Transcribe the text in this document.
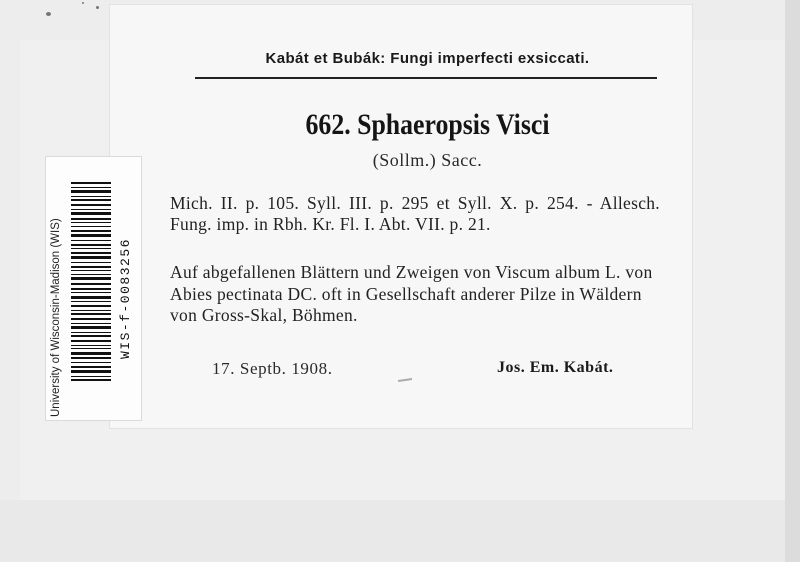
Kabát et Bubák: Fungi imperfecti exsiccati.
662. Sphaeropsis Visci
(Sollm.) Sacc.
Mich. II. p. 105. Syll. III. p. 295 et Syll. X. p. 254. - Allesch. Fung. imp. in Rbh. Kr. Fl. I. Abt. VII. p. 21.
Auf abgefallenen Blättern und Zweigen von Viscum album L. von Abies pectinata DC. oft in Gesellschaft anderer Pilze in Wäldern von Gross-Skal, Böhmen.
17. Septb. 1908.	Jos. Em. Kabát.
University of Wisconsin-Madison (WIS)	WIS-f-0083256
